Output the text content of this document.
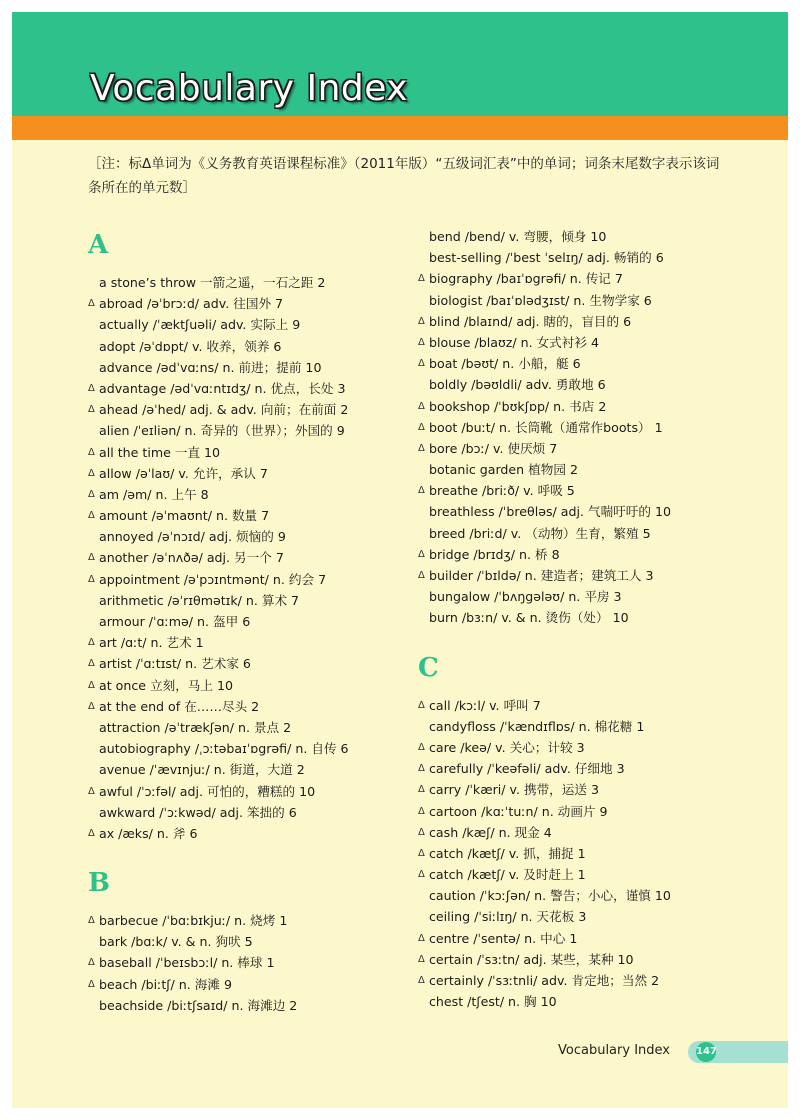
Vocabulary Index
［注：标Δ单词为《义务教育英语课程标准》（2011年版）“五级词汇表”中的单词；词条末尾数字表示该词条所在的单元数］
A
a stone’s throw 一箭之遥，一石之距 2
Δ abroad /əˈbrɔːd/ adv. 往国外 7
actually /ˈæktʃuəli/ adv. 实际上 9
adopt /əˈdɒpt/ v. 收养，领养 6
advance /ədˈvɑːns/ n. 前进；提前 10
Δ advantage /ədˈvɑːntɪdʒ/ n. 优点，长处 3
Δ ahead /əˈhed/ adj. & adv. 向前；在前面 2
alien /ˈeɪliən/ n. 奇异的（世界）；外国的 9
Δ all the time 一直 10
Δ allow /əˈlaʊ/ v. 允许，承认 7
Δ am /əm/ n. 上午 8
Δ amount /əˈmaʊnt/ n. 数量 7
annoyed /əˈnɔɪd/ adj. 烦恼的 9
Δ another /əˈnʌðə/ adj. 另一个 7
Δ appointment /əˈpɔɪntmənt/ n. 约会 7
arithmetic /əˈrɪθmətɪk/ n. 算术 7
armour /ˈɑːmə/ n. 盔甲 6
Δ art /ɑːt/ n. 艺术 1
Δ artist /ˈɑːtɪst/ n. 艺术家 6
Δ at once 立刻，马上 10
Δ at the end of 在……尽头 2
attraction /əˈtrækʃən/ n. 景点 2
autobiography /ˌɔːtəbaɪˈɒgrəfi/ n. 自传 6
avenue /ˈævɪnjuː/ n. 街道，大道 2
Δ awful /ˈɔːfəl/ adj. 可怕的，糟糕的 10
awkward /ˈɔːkwəd/ adj. 笨拙的 6
Δ ax /æks/ n. 斧 6
B
Δ barbecue /ˈbɑːbɪkjuː/ n. 烧烤 1
bark /bɑːk/ v. & n. 狗吠 5
Δ baseball /ˈbeɪsbɔːl/ n. 棒球 1
Δ beach /biːtʃ/ n. 海滩 9
beachside /biːtʃsaɪd/ n. 海滩边 2
bend /bend/ v. 弯腰，倾身 10
best-selling /ˈbest ˈselɪŋ/ adj. 畅销的 6
Δ biography /baɪˈɒgrəfi/ n. 传记 7
biologist /baɪˈɒlədʒɪst/ n. 生物学家 6
Δ blind /blaɪnd/ adj. 瞎的，盲目的 6
Δ blouse /blaʊz/ n. 女式衬衫 4
Δ boat /bəʊt/ n. 小船，艇 6
boldly /bəʊldli/ adv. 勇敢地 6
Δ bookshop /ˈbʊkʃɒp/ n. 书店 2
Δ boot /buːt/ n. 长筒靴（通常作boots） 1
Δ bore /bɔː/ v. 使厌烦 7
botanic garden 植物园 2
Δ breathe /briːð/ v. 呼吸 5
breathless /ˈbreθləs/ adj. 气喘吁吁的 10
breed /briːd/ v. （动物）生育，繁殖 5
Δ bridge /brɪdʒ/ n. 桥 8
Δ builder /ˈbɪldə/ n. 建造者；建筑工人 3
bungalow /ˈbʌŋgələʊ/ n. 平房 3
burn /bɜːn/ v. & n. 烫伤（处） 10
C
Δ call /kɔːl/ v. 呼叫 7
candyfloss /ˈkændɪflɒs/ n. 棉花糖 1
Δ care /keə/ v. 关心；计较 3
Δ carefully /ˈkeəfəli/ adv. 仔细地 3
Δ carry /ˈkæri/ v. 携带，运送 3
Δ cartoon /kɑːˈtuːn/ n. 动画片 9
Δ cash /kæʃ/ n. 现金 4
Δ catch /kætʃ/ v. 抓，捕捉 1
Δ catch /kætʃ/ v. 及时赶上 1
caution /ˈkɔːʃən/ n. 警告；小心，谨慎 10
ceiling /ˈsiːlɪŋ/ n. 天花板 3
Δ centre /ˈsentə/ n. 中心 1
Δ certain /ˈsɜːtn/ adj. 某些，某种 10
Δ certainly /ˈsɜːtnli/ adv. 肯定地；当然 2
chest /tʃest/ n. 胸 10
Vocabulary Index	147
